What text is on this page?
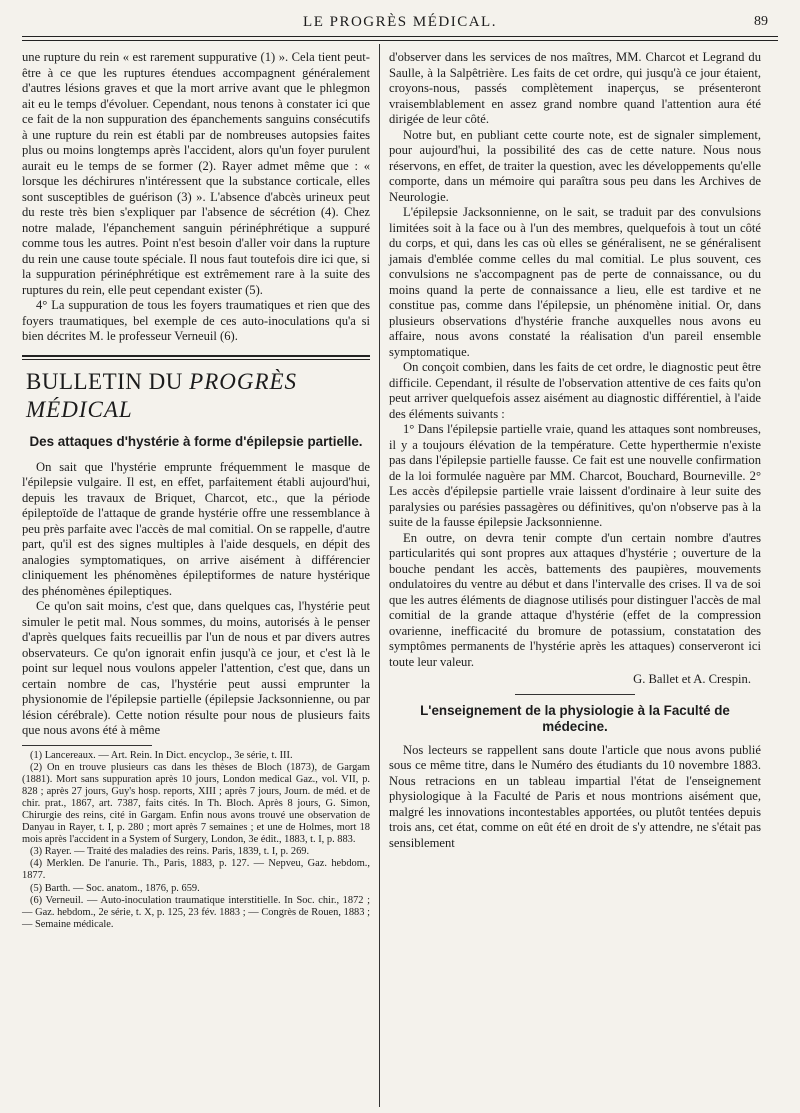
LE PROGRÈS MÉDICAL.	89

une rupture du rein « est rarement suppurative (1) ». Cela tient peut-être à ce que les ruptures étendues accompagnent généralement d'autres lésions graves et que la mort arrive avant que le phlegmon ait eu le temps d'évoluer. Cependant, nous tenons à constater ici que ce fait de la non suppuration des épanchements sanguins consécutifs à une rupture du rein est établi par de nombreuses autopsies faites plus ou moins longtemps après l'accident, alors qu'un foyer purulent aurait eu le temps de se former (2). Rayer admet même que : « lorsque les déchirures n'intéressent que la substance corticale, elles sont susceptibles de guérison (3) ». L'absence d'abcès urineux peut du reste très bien s'expliquer par l'absence de sécrétion (4). Chez notre malade, l'épanchement sanguin périnéphrétique a suppuré comme tous les autres. Point n'est besoin d'aller voir dans la rupture du rein une cause toute spéciale. Il nous faut toutefois dire ici que, si la suppuration périnéphrétique est extrêmement rare à la suite des ruptures du rein, elle peut cependant exister (5).

4° La suppuration de tous les foyers traumatiques et rien que des foyers traumatiques, bel exemple de ces auto-inoculations qu'a si bien décrites M. le professeur Verneuil (6).

BULLETIN DU PROGRÈS MÉDICAL
Des attaques d'hystérie à forme d'épilepsie partielle.

On sait que l'hystérie emprunte fréquemment le masque de l'épilepsie vulgaire. Il est, en effet, parfaitement établi aujourd'hui, depuis les travaux de Briquet, Charcot, etc., que la période épileptoïde de l'attaque de grande hystérie offre une ressemblance à peu près parfaite avec l'accès de mal comitial. On se rappelle, d'autre part, qu'il est des signes multiples à l'aide desquels, en dépit des analogies symptomatiques, on arrive aisément à différencier cliniquement les phénomènes épileptiformes de nature hystérique des phénomènes épileptiques.

Ce qu'on sait moins, c'est que, dans quelques cas, l'hystérie peut simuler le petit mal. Nous sommes, du moins, autorisés à le penser d'après quelques faits recueillis par l'un de nous et par divers autres observateurs. Ce qu'on ignorait enfin jusqu'à ce jour, et c'est là le point sur lequel nous voulons appeler l'attention, c'est que, dans un certain nombre de cas, l'hystérie peut aussi emprunter la physionomie de l'épilepsie partielle (épilepsie Jacksonnienne, ou par lésion cérébrale). Cette notion résulte pour nous de plusieurs faits que nous avons été à même

(1) Lancereaux. — Art. Rein. In Dict. encyclop., 3e série, t. III.

(2) On en trouve plusieurs cas dans les thèses de Bloch (1873), de Gargam (1881). Mort sans suppuration après 10 jours, London medical Gaz., vol. VII, p. 828 ; après 27 jours, Guy's hosp. reports, XIII ; après 7 jours, Journ. de méd. et de chir. prat., 1867, art. 7387, faits cités. In Th. Bloch. Après 8 jours, G. Simon, Chirurgie des reins, cité in Gargam. Enfin nous avons trouvé une observation de Danyau in Rayer, t. I, p. 280 ; mort après 7 semaines ; et une de Holmes, mort 18 mois après l'accident in a System of Surgery, London, 3e édit., 1883, t. I, p. 883.

(3) Rayer. — Traité des maladies des reins. Paris, 1839, t. I, p. 269.

(4) Merklen. De l'anurie. Th., Paris, 1883, p. 127. — Nepveu, Gaz. hebdom., 1877.

(5) Barth. — Soc. anatom., 1876, p. 659.

(6) Verneuil. — Auto-inoculation traumatique interstitielle. In Soc. chir., 1872 ; — Gaz. hebdom., 2e série, t. X, p. 125, 23 fév. 1883 ; — Congrès de Rouen, 1883 ; — Semaine médicale.

d'observer dans les services de nos maîtres, MM. Charcot et Legrand du Saulle, à la Salpêtrière. Les faits de cet ordre, qui jusqu'à ce jour étaient, croyons-nous, passés complètement inaperçus, se présenteront vraisemblablement en assez grand nombre quand l'attention aura été dirigée de leur côté.

Notre but, en publiant cette courte note, est de signaler simplement, pour aujourd'hui, la possibilité des cas de cette nature. Nous nous réservons, en effet, de traiter la question, avec les développements qu'elle comporte, dans un mémoire qui paraîtra sous peu dans les Archives de Neurologie.

L'épilepsie Jacksonnienne, on le sait, se traduit par des convulsions limitées soit à la face ou à l'un des membres, quelquefois à tout un côté du corps, et qui, dans les cas où elles se généralisent, ne se généralisent jamais d'emblée comme celles du mal comitial. Le plus souvent, ces convulsions ne s'accompagnent pas de perte de connaissance, ou du moins quand la perte de connaissance a lieu, elle est tardive et ne constitue pas, comme dans l'épilepsie, un phénomène initial. Or, dans plusieurs observations d'hystérie franche auxquelles nous avons eu affaire, nous avons constaté la réalisation d'un pareil ensemble symptomatique.

On conçoit combien, dans les faits de cet ordre, le diagnostic peut être difficile. Cependant, il résulte de l'observation attentive de ces faits qu'on peut arriver quelquefois assez aisément au diagnostic différentiel, à l'aide des éléments suivants :

1° Dans l'épilepsie partielle vraie, quand les attaques sont nombreuses, il y a toujours élévation de la température. Cette hyperthermie n'existe pas dans l'épilepsie partielle fausse. Ce fait est une nouvelle confirmation de la loi formulée naguère par MM. Charcot, Bouchard, Bourneville. 2° Les accès d'épilepsie partielle vraie laissent d'ordinaire à leur suite des paralysies ou parésies passagères ou définitives, qu'on n'observe pas à la suite de la fausse épilepsie Jacksonnienne.

En outre, on devra tenir compte d'un certain nombre d'autres particularités qui sont propres aux attaques d'hystérie ; ouverture de la bouche pendant les accès, battements des paupières, mouvements ondulatoires du ventre au début et dans l'intervalle des crises. Il va de soi que les autres éléments de diagnose utilisés pour distinguer l'accès de mal comitial de la grande attaque d'hystérie (effet de la compression ovarienne, inefficacité du bromure de potassium, constatation des symptômes permanents de l'hystérie après les attaques) conserveront ici toute leur valeur.

G. Ballet et A. Crespin.
L'enseignement de la physiologie à la Faculté de médecine.

Nos lecteurs se rappellent sans doute l'article que nous avons publié sous ce même titre, dans le Numéro des étudiants du 10 novembre 1883. Nous retracions en un tableau impartial l'état de l'enseignement physiologique à la Faculté de Paris et nous montrions aisément que, malgré les innovations incontestables apportées, ou plutôt tentées depuis trois ans, cet état, comme on eût été en droit de s'y attendre, ne s'était pas sensiblement
